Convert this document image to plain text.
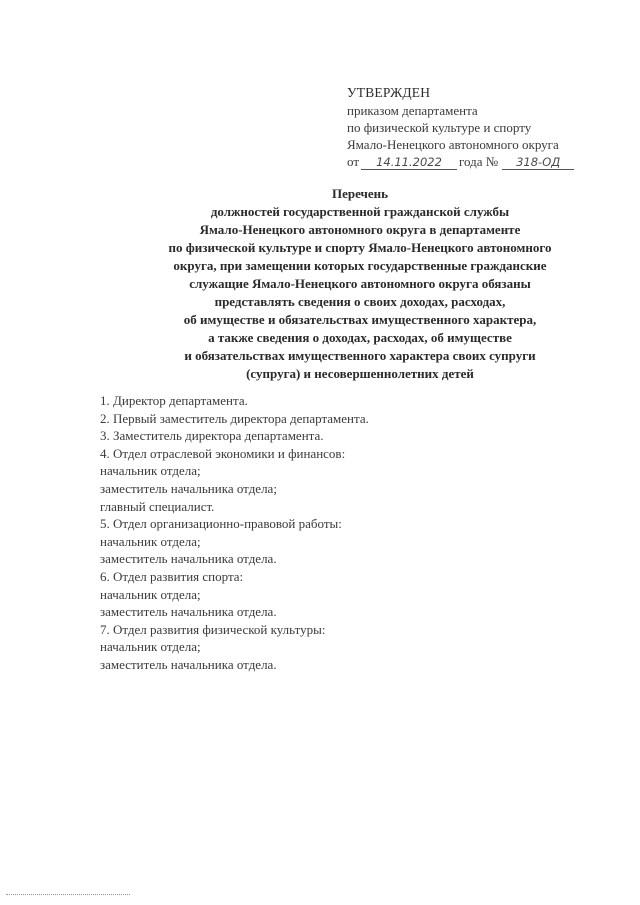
УТВЕРЖДЕН
приказом департамента
по физической культуре и спорту
Ямало-Ненецкого автономного округа
от	14.11.2022	года №	318-ОД
Перечень
должностей государственной гражданской службы
Ямало-Ненецкого автономного округа в департаменте
по физической культуре и спорту Ямало-Ненецкого автономного
округа, при замещении которых государственные гражданские
служащие Ямало-Ненецкого автономного округа обязаны
представлять сведения о своих доходах, расходах,
об имуществе и обязательствах имущественного характера,
а также сведения о доходах, расходах, об имуществе
и обязательствах имущественного характера своих супруги
(супруга) и несовершеннолетних детей
1. Директор департамента.
2. Первый заместитель директора департамента.
3. Заместитель директора департамента.
4. Отдел отраслевой экономики и финансов:
начальник отдела;
заместитель начальника отдела;
главный специалист.
5. Отдел организационно-правовой работы:
начальник отдела;
заместитель начальника отдела.
6. Отдел развития спорта:
начальник отдела;
заместитель начальника отдела.
7. Отдел развития физической культуры:
начальник отдела;
заместитель начальника отдела.
